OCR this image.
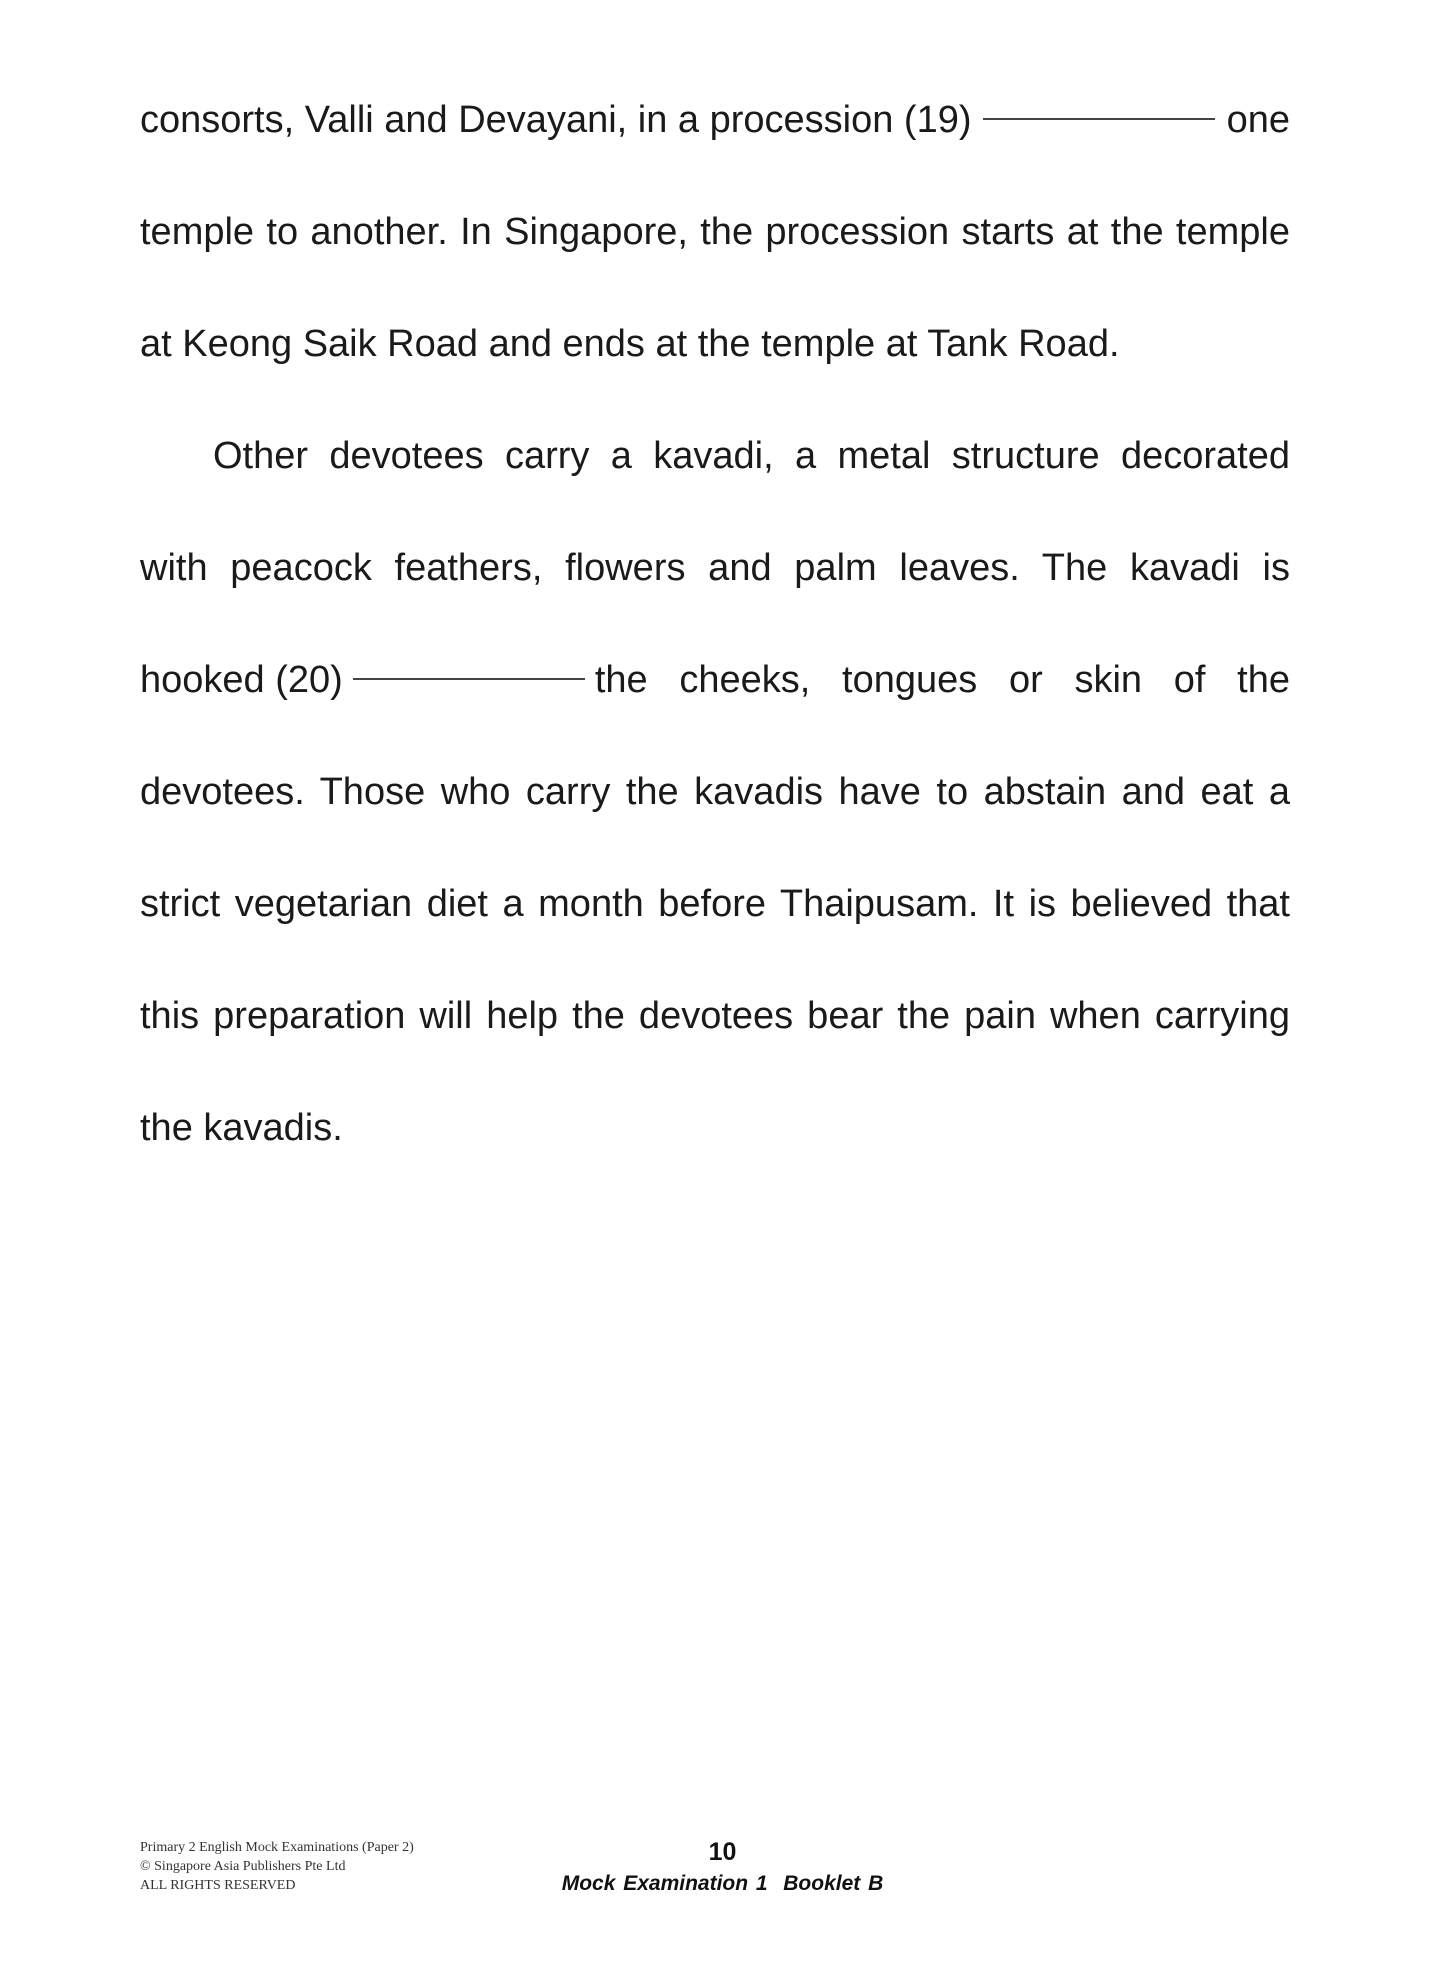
consorts, Valli and Devayani, in a procession (19)	one
temple to another. In Singapore, the procession starts at the temple
at Keong Saik Road and ends at the temple at Tank Road.
Other devotees carry a kavadi, a metal structure decorated
with peacock feathers, flowers and palm leaves. The kavadi is
hooked (20)	the cheeks, tongues or skin of the
devotees. Those who carry the kavadis have to abstain and eat a
strict vegetarian diet a month before Thaipusam. It is believed that
this preparation will help the devotees bear the pain when carrying
the kavadis.
Primary 2 English Mock Examinations (Paper 2)
© Singapore Asia Publishers Pte Ltd
ALL RIGHTS RESERVED
10
Mock Examination 1  Booklet B
